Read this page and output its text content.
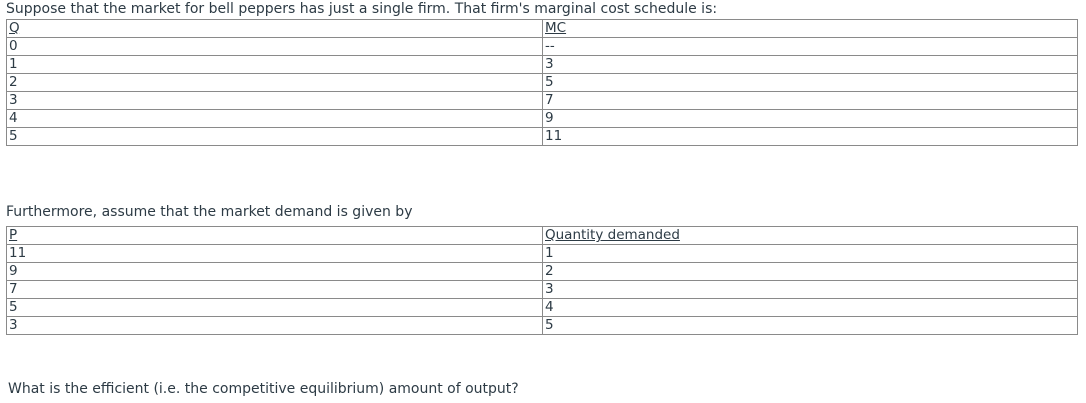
Suppose that the market for bell peppers has just a single firm. That firm's marginal cost schedule is:
Q	MC
0	--
1	3
2	5
3	7
4	9
5	11
Furthermore, assume that the market demand is given by
P	Quantity demanded
11	1
9	2
7	3
5	4
3	5
What is the efficient (i.e. the competitive equilibrium) amount of output?
